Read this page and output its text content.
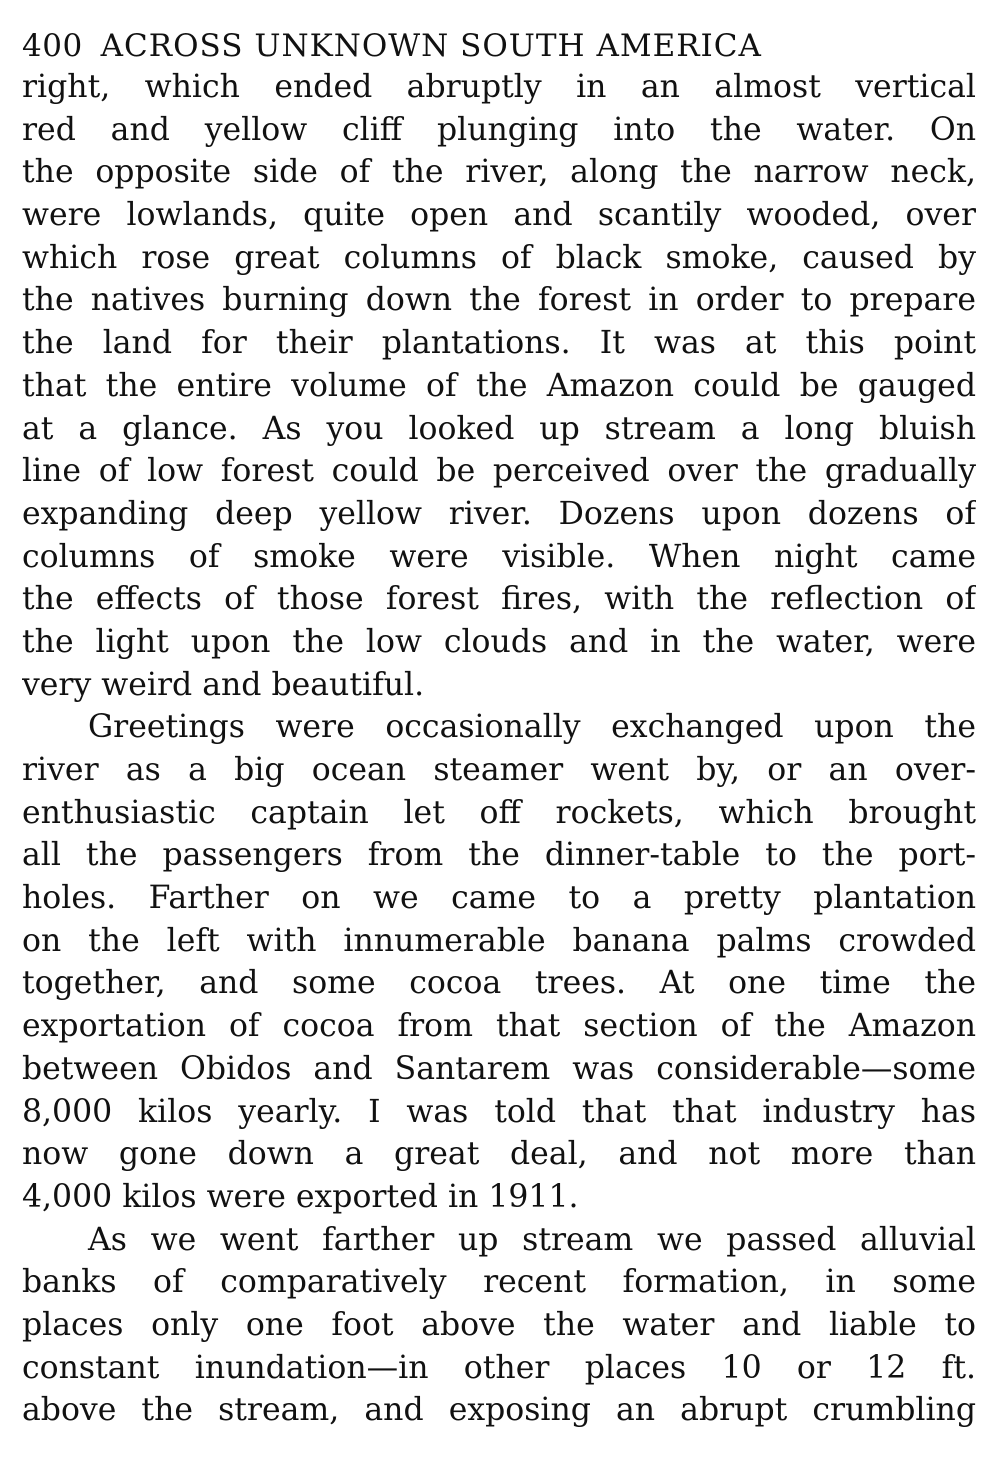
400 ACROSS UNKNOWN SOUTH AMERICA
right, which ended abruptly in an almost vertical
red and yellow cliff plunging into the water. On
the opposite side of the river, along the narrow neck,
were lowlands, quite open and scantily wooded, over
which rose great columns of black smoke, caused by
the natives burning down the forest in order to prepare
the land for their plantations. It was at this point
that the entire volume of the Amazon could be gauged
at a glance. As you looked up stream a long bluish
line of low forest could be perceived over the gradually
expanding deep yellow river. Dozens upon dozens of
columns of smoke were visible. When night came
the effects of those forest fires, with the reflection of
the light upon the low clouds and in the water, were
very weird and beautiful.
Greetings were occasionally exchanged upon the
river as a big ocean steamer went by, or an over-
enthusiastic captain let off rockets, which brought
all the passengers from the dinner-table to the port-
holes. Farther on we came to a pretty plantation
on the left with innumerable banana palms crowded
together, and some cocoa trees. At one time the
exportation of cocoa from that section of the Amazon
between Obidos and Santarem was considerable—some
8,000 kilos yearly. I was told that that industry has
now gone down a great deal, and not more than
4,000 kilos were exported in 1911.
As we went farther up stream we passed alluvial
banks of comparatively recent formation, in some
places only one foot above the water and liable to
constant inundation—in other places 10 or 12 ft.
above the stream, and exposing an abrupt crumbling
